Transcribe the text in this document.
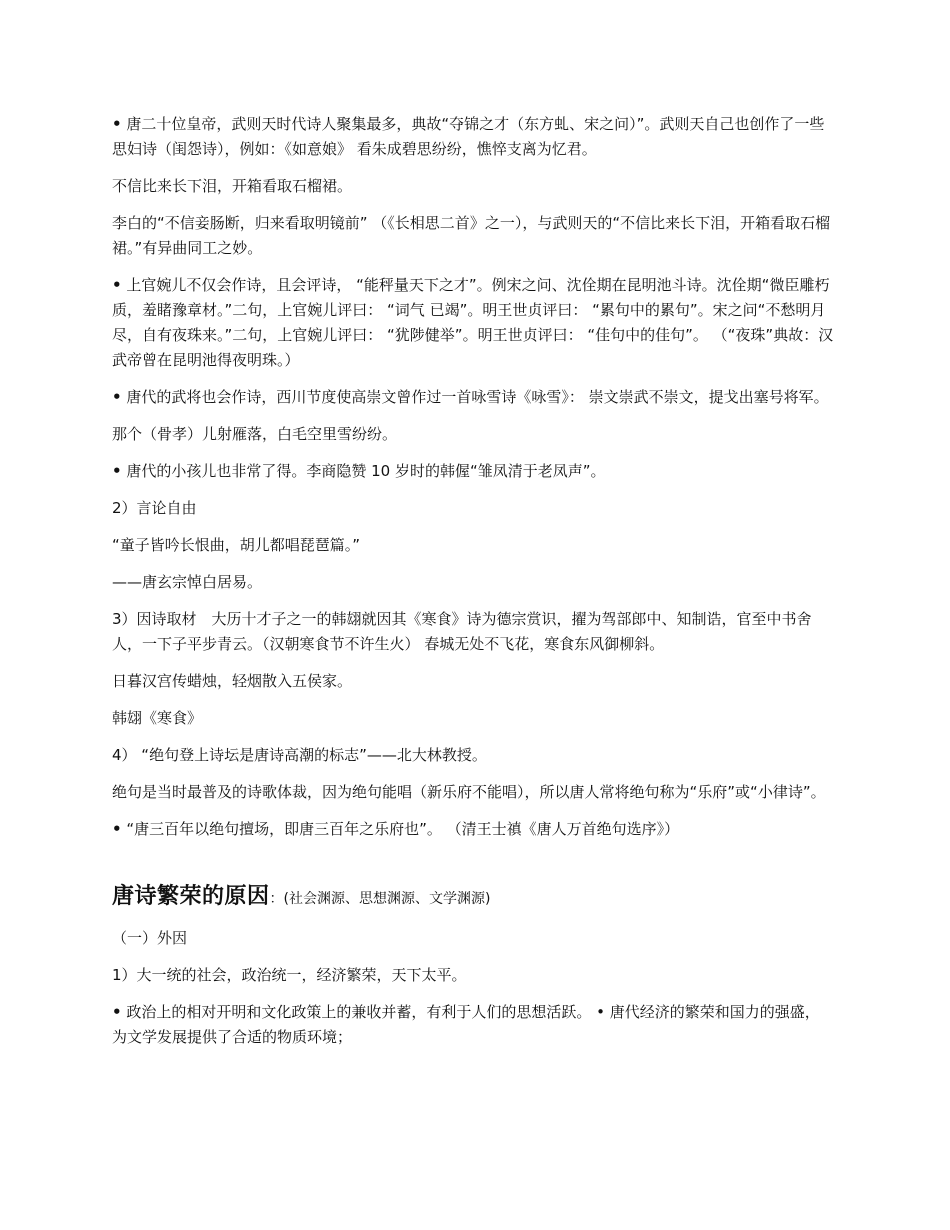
• 唐二十位皇帝，武则天时代诗人聚集最多，典故“夺锦之才（东方虬、宋之问）”。武则天自己也创作了一些思妇诗（闺怨诗），例如：《如意娘》 看朱成碧思纷纷，憔悴支离为忆君。

不信比来长下泪，开箱看取石榴裙。

李白的“不信妾肠断，归来看取明镜前” （《长相思二首》之一），与武则天的“不信比来长下泪，开箱看取石榴裙。”有异曲同工之妙。

• 上官婉儿不仅会作诗，且会评诗， “能秤量天下之才”。例宋之问、沈佺期在昆明池斗诗。沈佺期“微臣雕朽质，羞睹豫章材。”二句，上官婉儿评曰： “词气 已竭”。明王世贞评曰： “累句中的累句”。宋之问“不愁明月尽，自有夜珠来。”二句，上官婉儿评曰： “犹陟健举”。明王世贞评曰： “佳句中的佳句”。 （“夜珠”典故：汉武帝曾在昆明池得夜明珠。）

• 唐代的武将也会作诗，西川节度使高崇文曾作过一首咏雪诗《咏雪》： 崇文崇武不崇文，提戈出塞号将军。

那个（骨孝）儿射雁落，白毛空里雪纷纷。

• 唐代的小孩儿也非常了得。李商隐赞 10 岁时的韩偓“雏凤清于老凤声”。

2）言论自由

“童子皆吟长恨曲，胡儿都唱琵琶篇。”

——唐玄宗悼白居易。

3）因诗取材　大历十才子之一的韩翃就因其《寒食》诗为德宗赏识，擢为驾部郎中、知制诰，官至中书舍人，一下子平步青云。（汉朝寒食节不许生火） 春城无处不飞花，寒食东风御柳斜。

日暮汉宫传蜡烛，轻烟散入五侯家。

韩翃《寒食》

4） “绝句登上诗坛是唐诗高潮的标志”——北大林教授。

绝句是当时最普及的诗歌体裁，因为绝句能唱（新乐府不能唱），所以唐人常将绝句称为“乐府”或“小律诗”。

• “唐三百年以绝句擅场，即唐三百年之乐府也”。 （清王士禛《唐人万首绝句选序》）

唐诗繁荣的原因：(社会渊源、思想渊源、文学渊源)

（一）外因

1）大一统的社会，政治统一，经济繁荣，天下太平。

• 政治上的相对开明和文化政策上的兼收并蓄，有利于人们的思想活跃。 • 唐代经济的繁荣和国力的强盛，为文学发展提供了合适的物质环境；
